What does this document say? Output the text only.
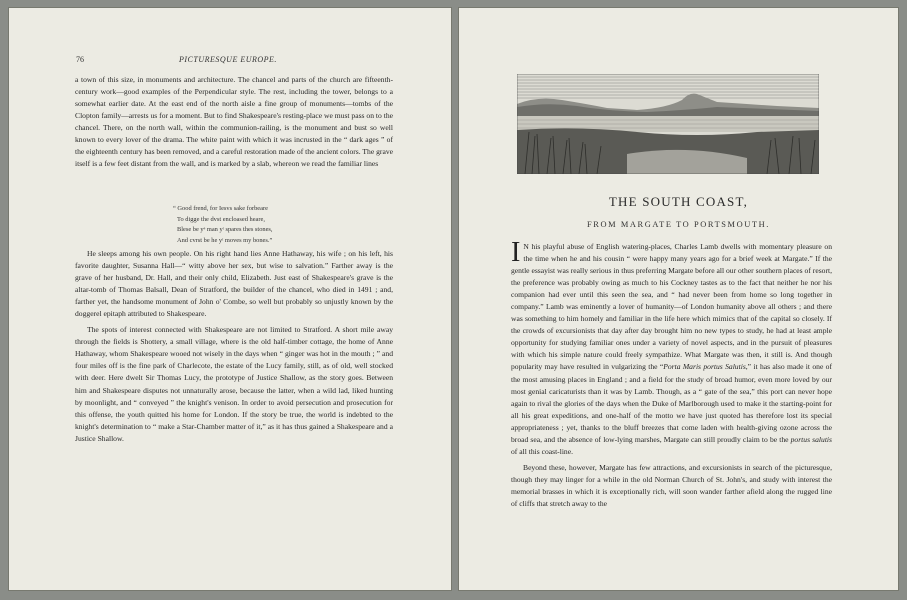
76	PICTURESQUE EUROPE.

a town of this size, in monuments and architecture. The chancel and parts of the church are fifteenth-century work—good examples of the Perpendicular style. The rest, including the tower, belongs to a somewhat earlier date. At the east end of the north aisle a fine group of monuments—tombs of the Clopton family—arrests us for a moment. But to find Shakespeare's resting-place we must pass on to the chancel. There, on the north wall, within the communion-railing, is the monument and bust so well known to every lover of the drama. The white paint with which it was incrusted in the “ dark ages ” of the eighteenth century has been removed, and a careful restoration made of the ancient colors. The grave itself is a few feet distant from the wall, and is marked by a slab, whereon we read the familiar lines

“ Good frend, for Iesvs sake forbeare
To digge the dvst encloased heare,
Blese be yᵉ man yᵗ spares thes stones,
And cvrst be he yᵗ moves my bones.”

He sleeps among his own people. On his right hand lies Anne Hathaway, his wife ; on his left, his favorite daughter, Susanna Hall—“ witty above her sex, but wise to salvation.” Farther away is the grave of her husband, Dr. Hall, and their only child, Elizabeth. Just east of Shakespeare's grave is the altar-tomb of Thomas Balsall, Dean of Stratford, the builder of the chancel, who died in 1491 ; and, farther yet, the handsome monument of John o' Combe, so well but probably so unjustly known by the doggerel epitaph attributed to Shakespeare.

The spots of interest connected with Shakespeare are not limited to Stratford. A short mile away through the fields is Shottery, a small village, where is the old half-timber cottage, the home of Anne Hathaway, whom Shakespeare wooed not wisely in the days when “ ginger was hot in the mouth ; ” and four miles off is the fine park of Charlecote, the estate of the Lucy family, still, as of old, well stocked with deer. Here dwelt Sir Thomas Lucy, the prototype of Justice Shallow, as the story goes. Between him and Shakespeare disputes not unnaturally arose, because the latter, when a wild lad, liked hunting by moonlight, and “ conveyed ” the knight's venison. In order to avoid persecution and prosecution for this offense, the youth quitted his home for London. If the story be true, the world is indebted to the knight's determination to “ make a Star-Chamber matter of it,” as it has thus gained a Shakespeare and a Justice Shallow.

THE SOUTH COAST,
FROM MARGATE TO PORTSMOUTH.

I N his playful abuse of English watering-places, Charles Lamb dwells with momentary pleasure on the time when he and his cousin “ were happy many years ago for a brief week at Margate.” If the gentle essayist was really serious in thus preferring Margate before all our other southern places of resort, the preference was probably owing as much to his Cockney tastes as to the fact that neither he nor his companion had ever until this seen the sea, and “ had never been from home so long together in company.” Lamb was eminently a lover of humanity—of London humanity above all others ; and there was something to him homely and familiar in the life here which mimics that of the capital so closely. If the crowds of excursionists that day after day brought him no new types to study, he had at least ample opportunity for studying familiar ones under a variety of novel aspects, and in the pursuit of pleasures with which his simple nature could freely sympathize. What Margate was then, it still is. And though popularity may have resulted in vulgarizing the “Porta Maris portus Salutis,” it has also made it one of the most amusing places in England ; and a field for the study of broad humor, even more loved by our most genial caricaturists than it was by Lamb. Though, as a “ gate of the sea,” this port can never hope again to rival the glories of the days when the Duke of Marlborough used to make it the starting-point for all his great expeditions, and one-half of the motto we have just quoted has therefore lost its special appropriateness ; yet, thanks to the bluff breezes that come laden with health-giving ozone across the broad sea, and the absence of low-lying marshes, Margate can still proudly claim to be the portus salutis of all this coast-line.

Beyond these, however, Margate has few attractions, and excursionists in search of the picturesque, though they may linger for a while in the old Norman Church of St. John's, and study with interest the memorial brasses in which it is exceptionally rich, will soon wander farther afield along the rugged line of cliffs that stretch away to the
